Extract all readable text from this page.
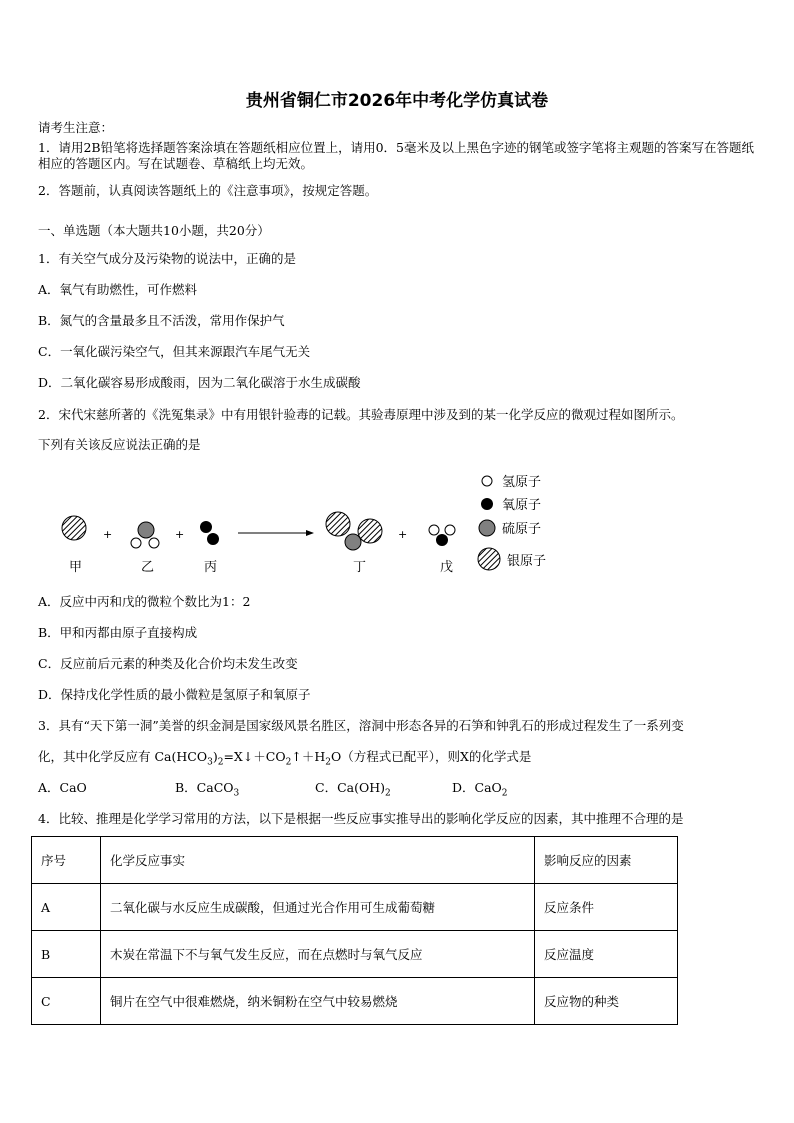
贵州省铜仁市2026年中考化学仿真试卷
请考生注意：
1．请用2B铅笔将选择题答案涂填在答题纸相应位置上，请用0．5毫米及以上黑色字迹的钢笔或签字笔将主观题的答案写在答题纸相应的答题区内。写在试题卷、草稿纸上均无效。
2．答题前，认真阅读答题纸上的《注意事项》，按规定答题。
一、单选题（本大题共10小题，共20分）
1．有关空气成分及污染物的说法中，正确的是
A．氧气有助燃性，可作燃料
B．氮气的含量最多且不活泼，常用作保护气
C．一氧化碳污染空气，但其来源跟汽车尾气无关
D．二氧化碳容易形成酸雨，因为二氧化碳溶于水生成碳酸
2．宋代宋慈所著的《洗冤集录》中有用银针验毒的记载。其验毒原理中涉及到的某一化学反应的微观过程如图所示。
下列有关该反应说法正确的是
+	+	+
甲	乙	丙	丁	戊
氢原子
氧原子
硫原子
银原子
A．反应中丙和戊的微粒个数比为1：2
B．甲和丙都由原子直接构成
C．反应前后元素的种类及化合价均未发生改变
D．保持戊化学性质的最小微粒是氢原子和氧原子
3．具有“天下第一洞”美誉的织金洞是国家级风景名胜区，溶洞中形态各异的石笋和钟乳石的形成过程发生了一系列变
化，其中化学反应有 $Ca(HCO_3)_2=X↓+CO_2↑+H_2O$（方程式已配平），则X的化学式是
A．CaO	B．CaCO$_3$	C．$Ca(OH)_2$	D．CaO$_2$
4．比较、推理是化学学习常用的方法，以下是根据一些反应事实推导出的影响化学反应的因素，其中推理不合理的是
序号	化学反应事实	影响反应的因素
A	二氧化碳与水反应生成碳酸，但通过光合作用可生成葡萄糖	反应条件
B	木炭在常温下不与氧气发生反应，而在点燃时与氧气反应	反应温度
C	铜片在空气中很难燃烧，纳米铜粉在空气中较易燃烧	反应物的种类
